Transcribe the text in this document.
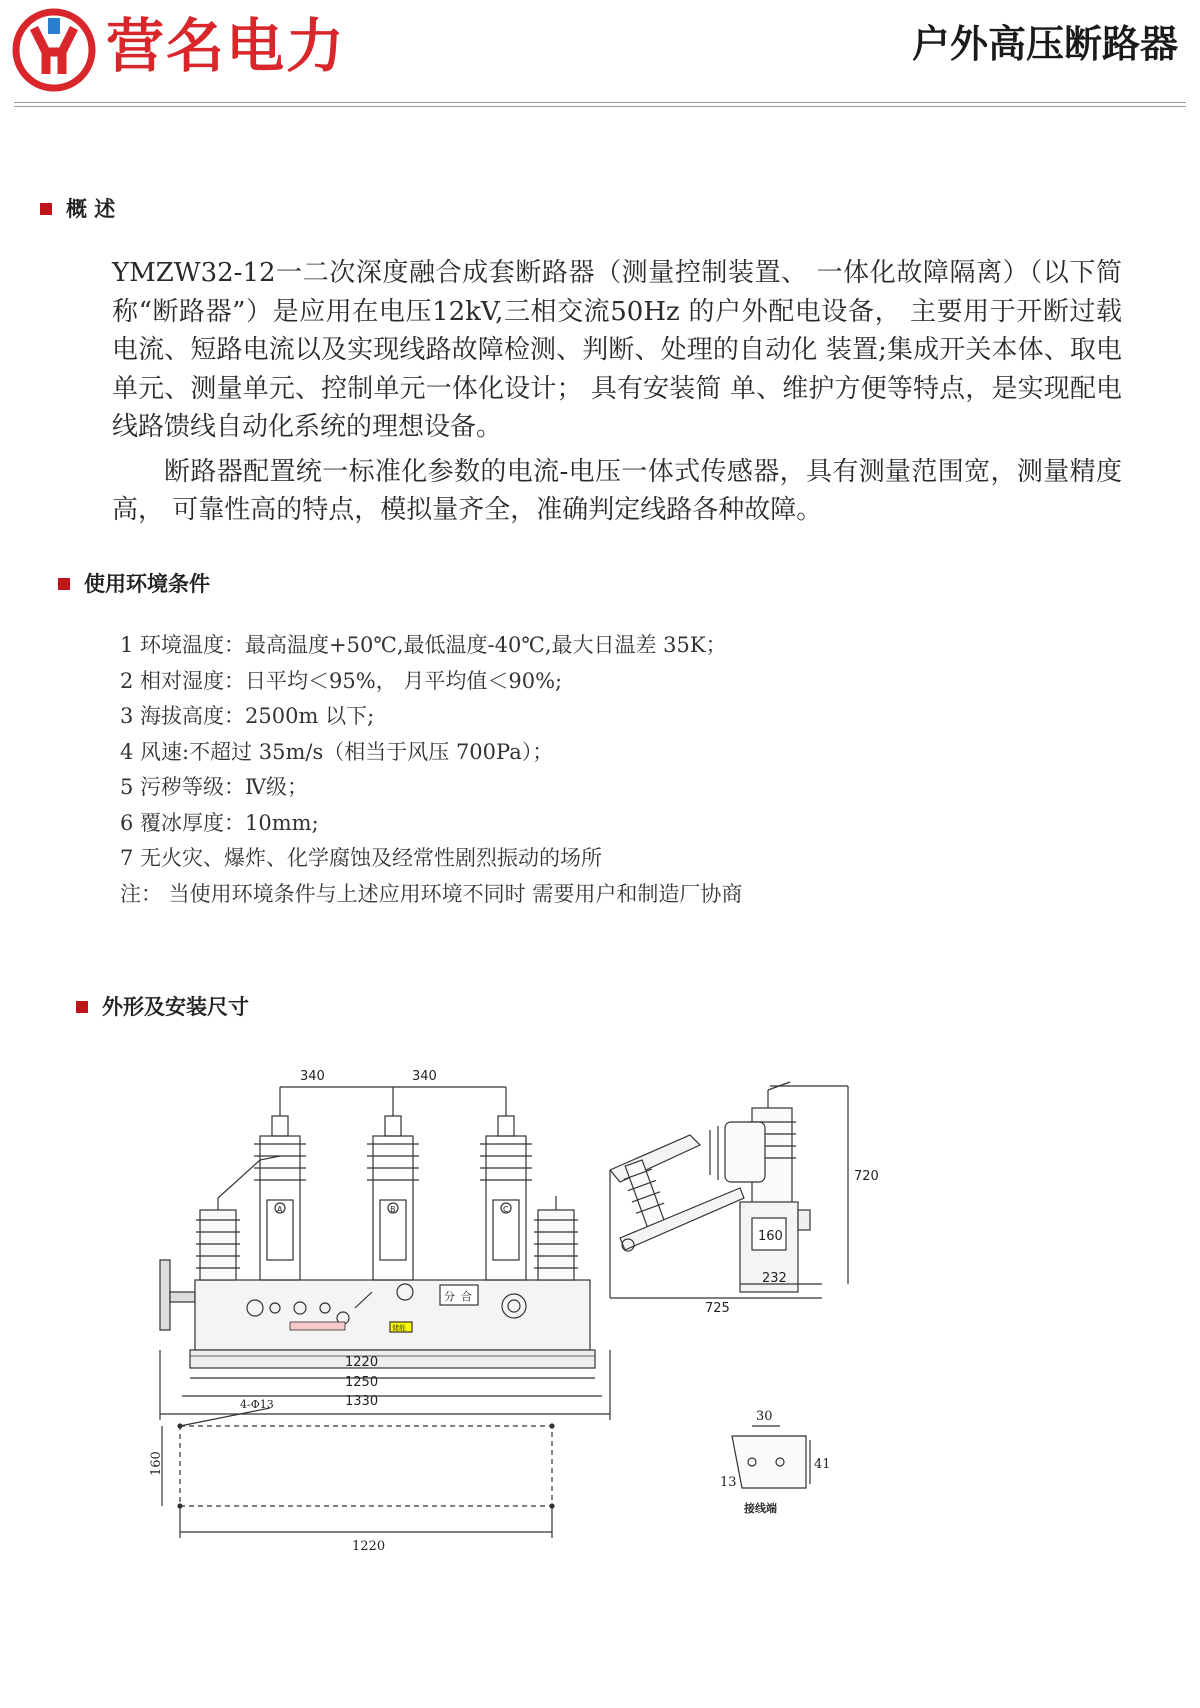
营名电力	户外高压断路器
概 述

YMZW32-12一二次深度融合成套断路器（测量控制装置、 一体化故障隔离）（以下简称“断路器”）是应用在电压12kV,三相交流50Hz 的户外配电设备， 主要用于开断过载电流、短路电流以及实现线路故障检测、判断、处理的自动化 装置;集成开关本体、取电单元、测量单元、控制单元一体化设计； 具有安装简 单、维护方便等特点，是实现配电线路馈线自动化系统的理想设备。

断路器配置统一标准化参数的电流-电压一体式传感器，具有测量范围宽，测量精度高， 可靠性高的特点，模拟量齐全，准确判定线路各种故障。

使用环境条件
1 环境温度：最高温度+50℃,最低温度-40℃,最大日温差 35K；
2 相对湿度：日平均＜95%， 月平均值＜90%;
3 海拔高度：2500m 以下;
4 风速:不超过 35m/s（相当于风压 700Pa）；
5 污秽等级：Ⅳ级；
6 覆冰厚度：10mm;
7 无火灾、爆炸、化学腐蚀及经常性剧烈振动的场所
注： 当使用环境条件与上述应用环境不同时 需要用户和制造厂协商
外形及安装尺寸
A	B	C
分 合
储能
340	340
1220
1250
1330
720
160
232
725
4-Φ13
160
1220
30
13
41
接线端
